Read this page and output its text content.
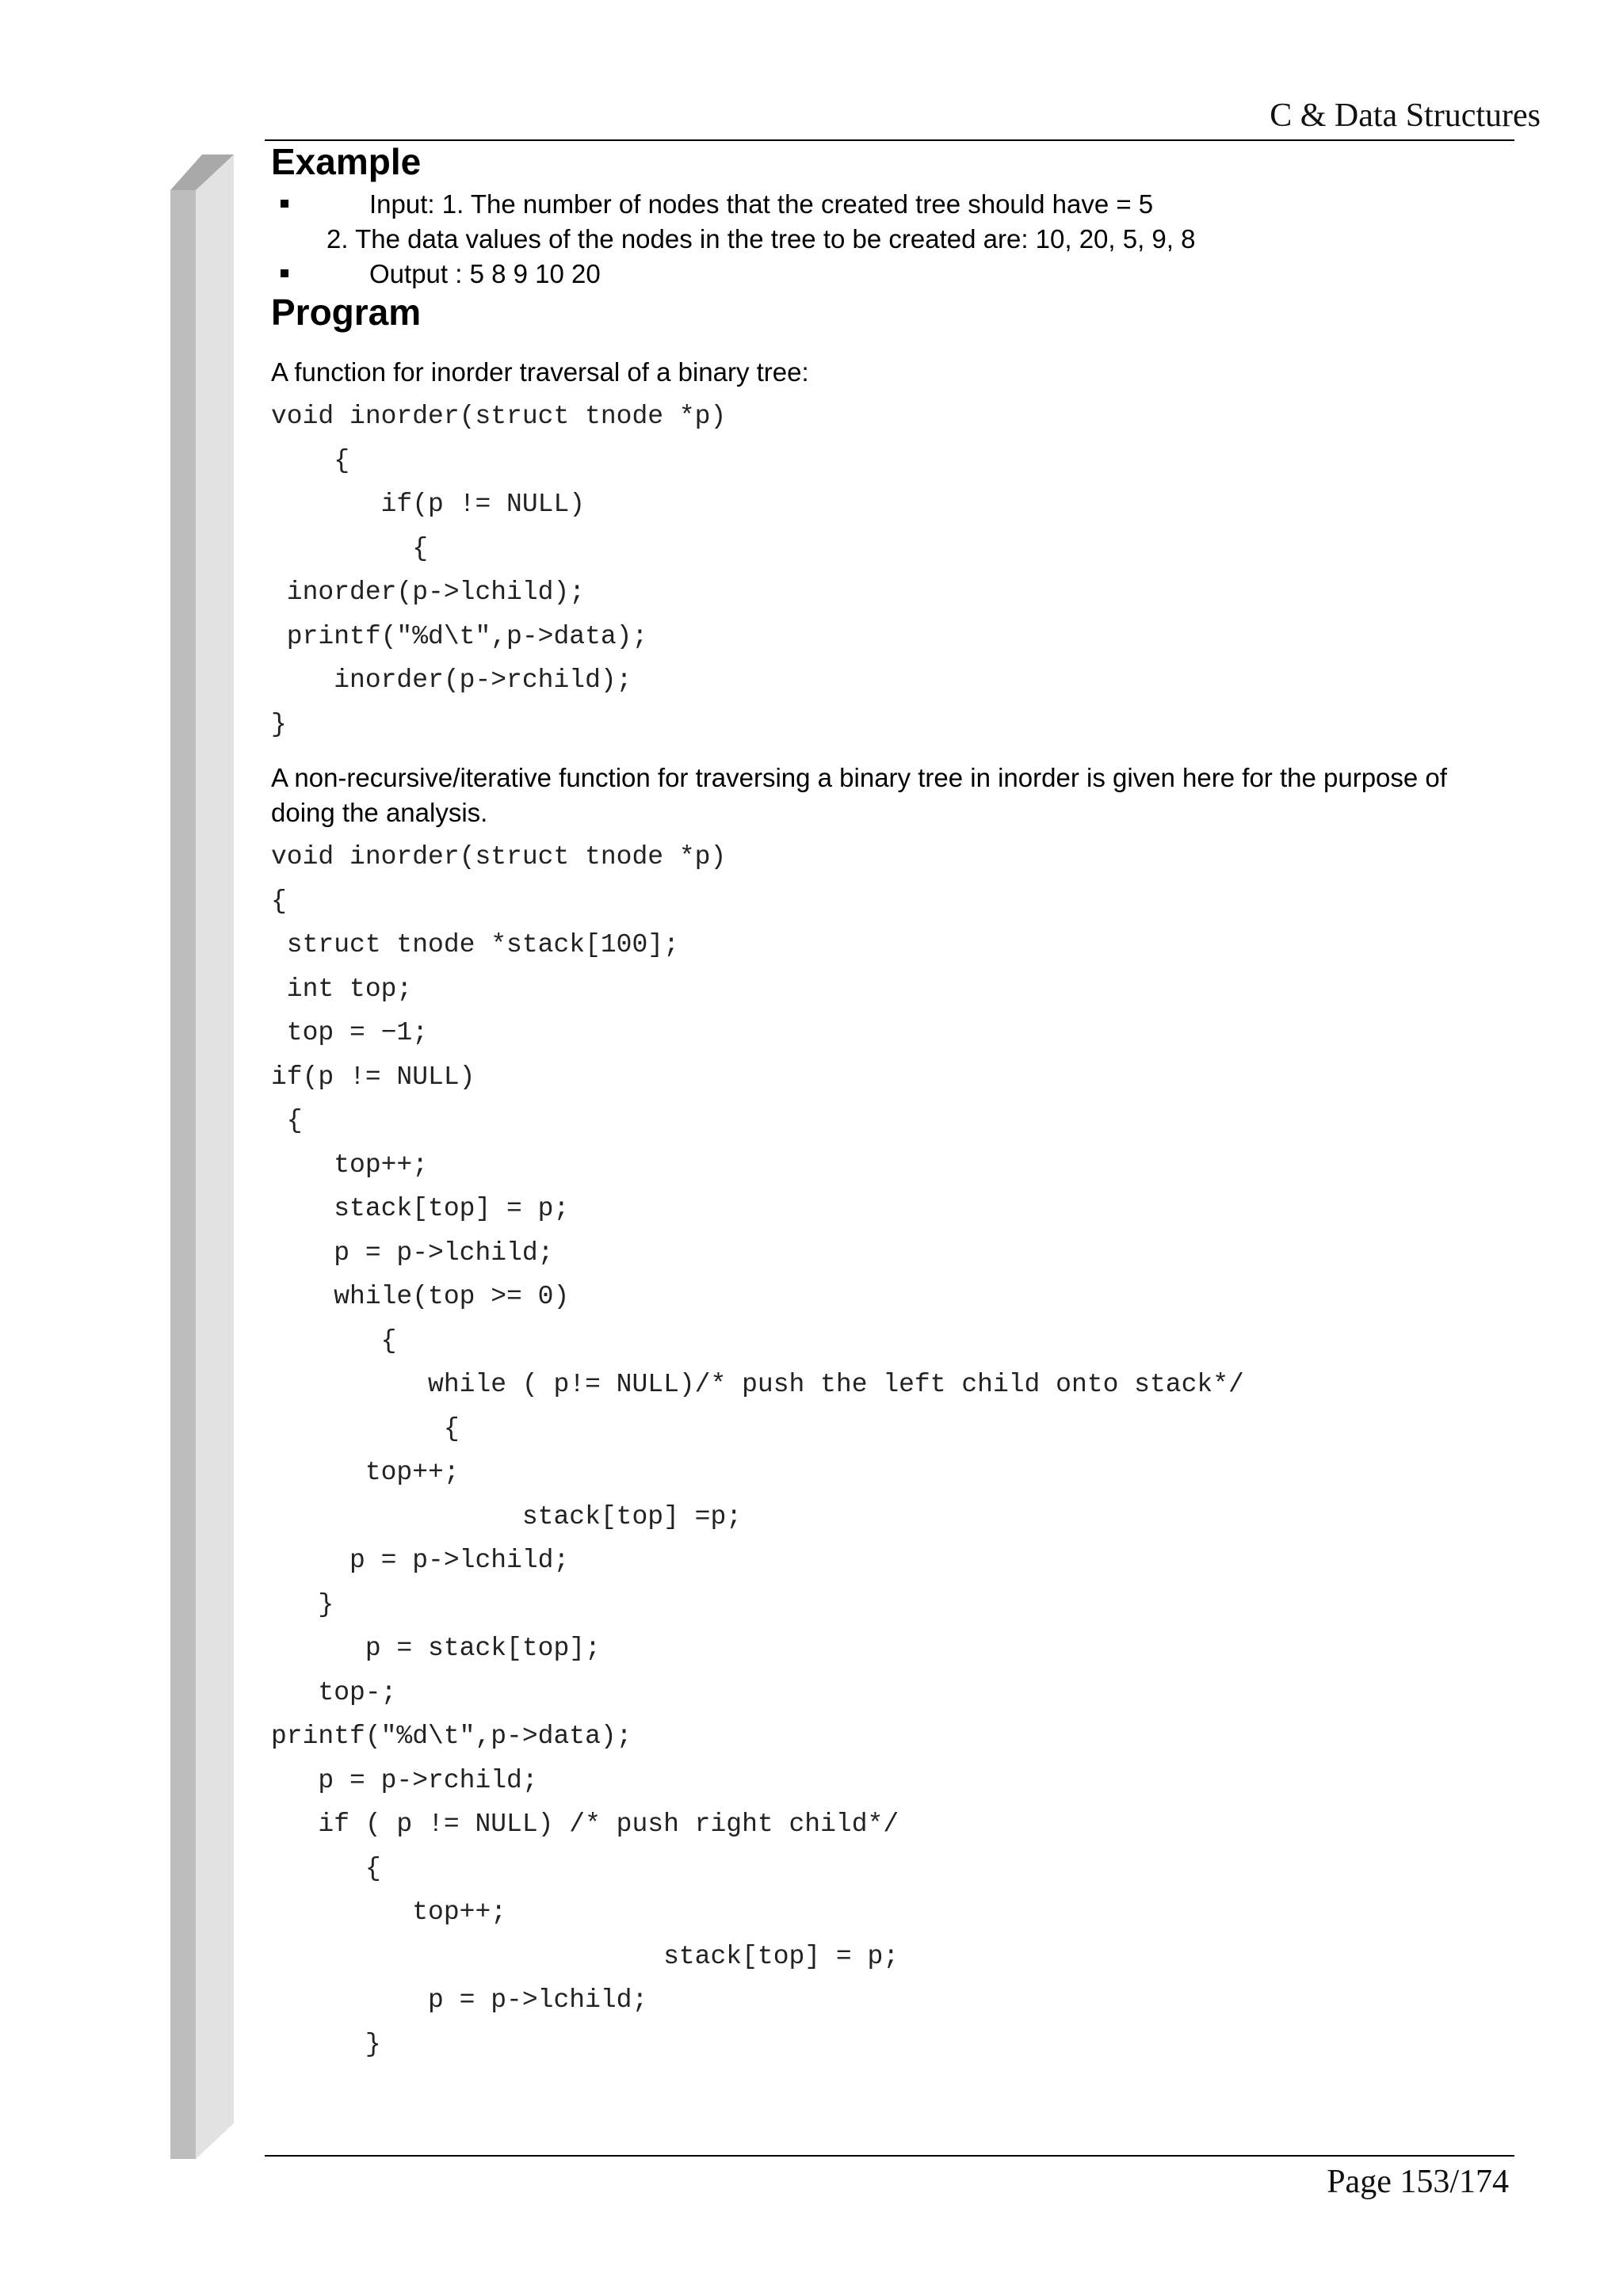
C & Data Structures
Example
Input: 1. The number of nodes that the created tree should have = 5
2. The data values of the nodes in the tree to be created are: 10, 20, 5, 9, 8
Output : 5 8 9 10 20
Program

A function for inorder traversal of a binary tree:

void inorder(struct tnode *p)
{
if(p != NULL)
{
inorder(p->lchild);
printf("%d\t",p->data);
inorder(p->rchild);
}

A non-recursive/iterative function for traversing a binary tree in inorder is given here for the purpose of doing the analysis.

void inorder(struct tnode *p)
{
struct tnode *stack[100];
int top;
top = −1;
if(p != NULL)
{
top++;
stack[top] = p;
p = p->lchild;
while(top >= 0)
{
while ( p!= NULL)/* push the left child onto stack*/
{
top++;
stack[top] =p;
p = p->lchild;
}
p = stack[top];
top-;
printf("%d\t",p->data);
p = p->rchild;
if ( p != NULL) /* push right child*/
{
top++;
stack[top] = p;
p = p->lchild;
}
Page 153/174
